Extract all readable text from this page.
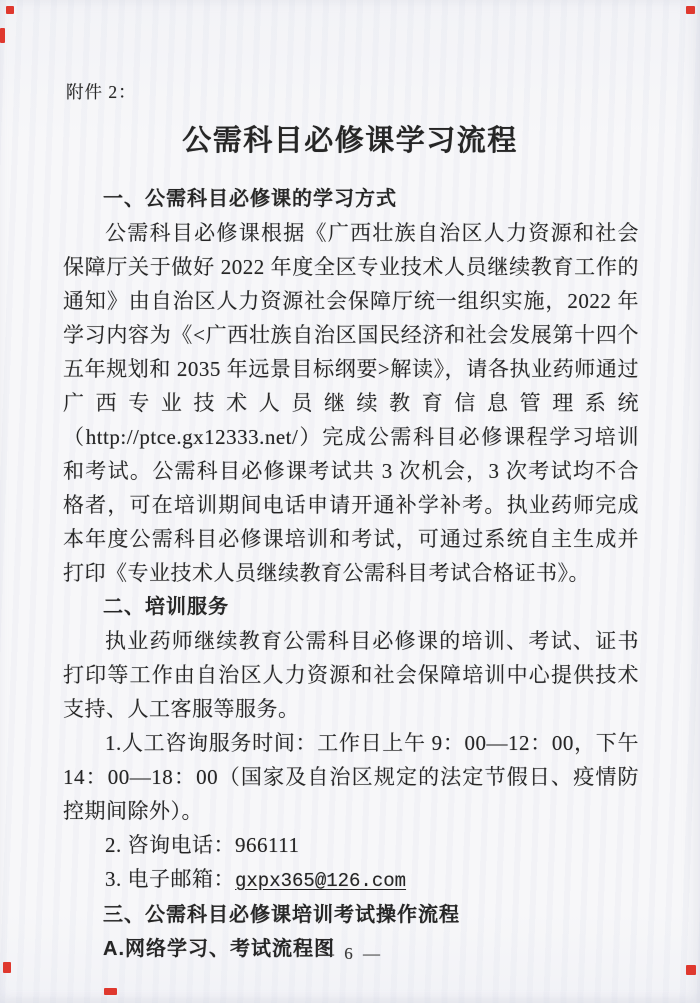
附件 2：
公需科目必修课学习流程
一、公需科目必修课的学习方式

公需科目必修课根据《广西壮族自治区人力资源和社会保障厅关于做好 2022 年度全区专业技术人员继续教育工作的通知》由自治区人力资源社会保障厅统一组织实施，2022 年学习内容为《<广西壮族自治区国民经济和社会发展第十四个五年规划和 2035 年远景目标纲要>解读》，请各执业药师通过广西专业技术人员继续教育信息管理系统（http://ptce.gx12333.net/）完成公需科目必修课程学习培训和考试。公需科目必修课考试共 3 次机会，3 次考试均不合格者，可在培训期间电话申请开通补学补考。执业药师完成本年度公需科目必修课培训和考试，可通过系统自主生成并打印《专业技术人员继续教育公需科目考试合格证书》。

二、培训服务

执业药师继续教育公需科目必修课的培训、考试、证书打印等工作由自治区人力资源和社会保障培训中心提供技术支持、人工客服等服务。

1.人工咨询服务时间：工作日上午 9：00—12：00，下午 14：00—18：00（国家及自治区规定的法定节假日、疫情防控期间除外）。

2. 咨询电话：966111

3. 电子邮箱：gxpx365@126.com

三、公需科目必修课培训考试操作流程

A.网络学习、考试流程图

— 6 —
